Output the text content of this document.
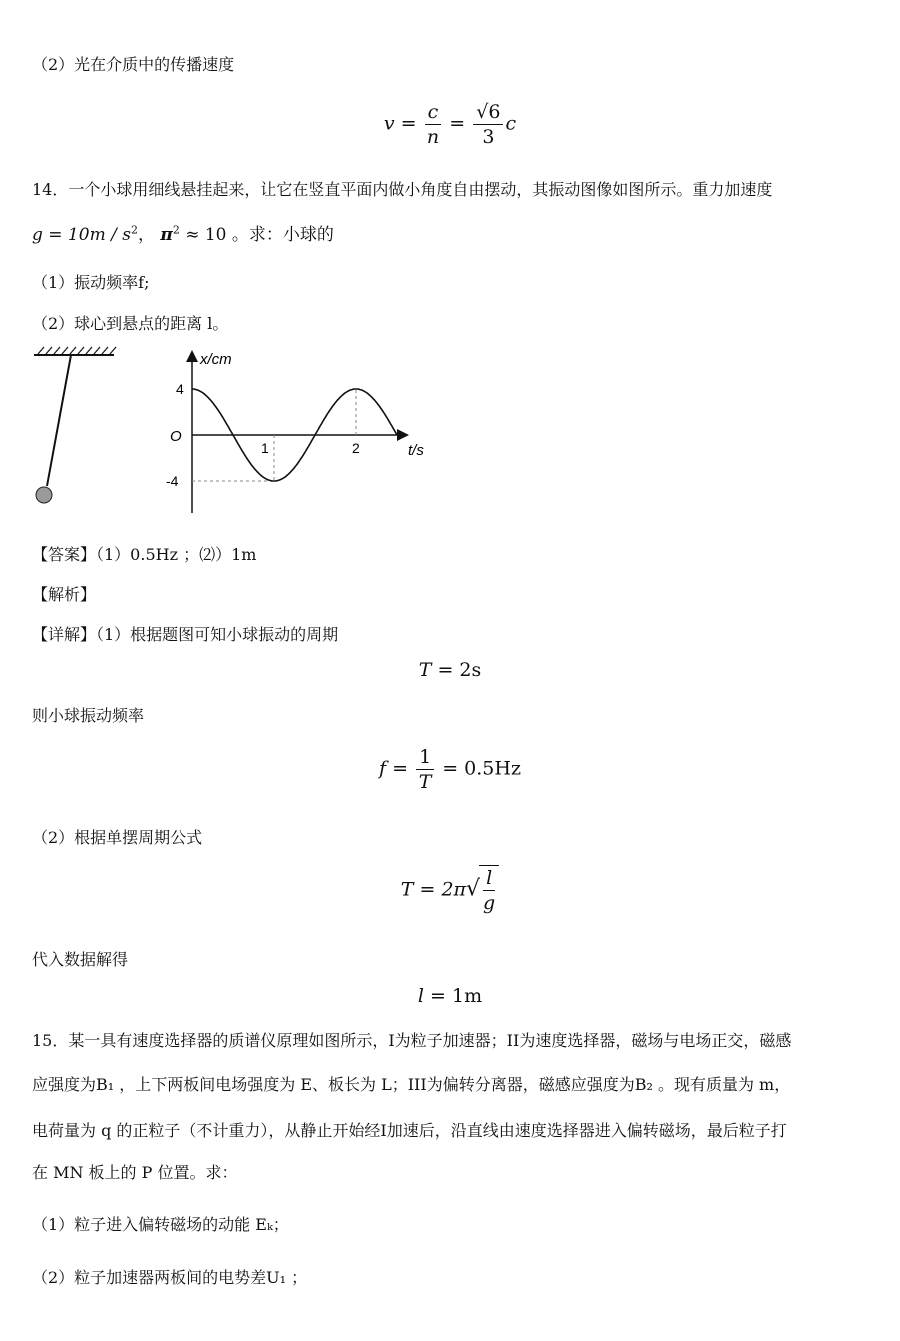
（2）光在介质中的传播速度
$v = \frac{c}{n} = \frac{√6}{3}$ c
14．一个小球用细线悬挂起来，让它在竖直平面内做小角度自由摆动，其振动图像如图所示。重力加速度
$g = 10m / s^2$， $\pi^2 \approx 10$ 。求：小球的
（1）振动频率f;
（2）球心到悬点的距离 l。
x/cm
t/s
O
1	2
4
-4
【答案】（1）0.5Hz ；⑵）1m
【解析】
【详解】（1）根据题图可知小球振动的周期
T = 2s
则小球振动频率
$f = \frac{1}{T} = 0.5Hz$
（2）根据单摆周期公式
$T = 2\pi√ \frac{l}{g}$
代入数据解得
l = 1m
15．某一具有速度选择器的质谱仪原理如图所示，I为粒子加速器；II为速度选择器，磁场与电场正交，磁感
应强度为B₁ ，上下两板间电场强度为 E、板长为 L；III为偏转分离器，磁感应强度为B₂ 。现有质量为 m，
电荷量为 q 的正粒子（不计重力），从静止开始经I加速后，沿直线由速度选择器进入偏转磁场，最后粒子打
在 MN 板上的 P 位置。求：
（1）粒子进入偏转磁场的动能 Eₖ；
（2）粒子加速器两板间的电势差U₁ ；
